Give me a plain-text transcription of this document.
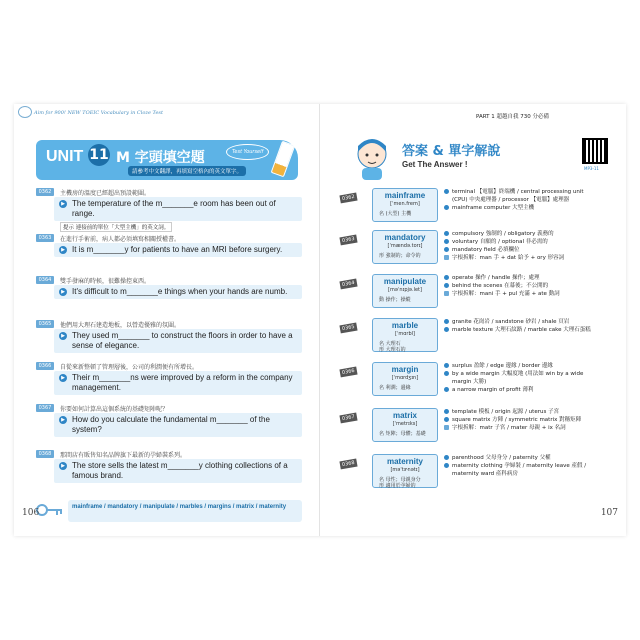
Aim for 900! NEW TOEIC Vocabulary in Cloze Test
UNIT 11 M 字頭填空題
請參考中文翻譯，再填寫空格內的英文單字。
Test Yourself
0362	主機房的溫度已經超出預設範圍。
▶ The temperature of the m_______e room has been out of range.
提示 連接前的單位「大型主機」的英文詞。
0363	在進行手術前，病人都必須填寫相關授權書。
▶ It is m_______y for patients to have an MRI before surgery.
0364	雙手發麻的時候，很難操控東西。
▶ It's difficult to m_______e things when your hands are numb.
0365	他們用大理石建造地板，以營造優雅的氛圍。
▶ They used m_______ to construct the floors in order to have a sense of elegance.
0366	自從來新整頓了管理層後，公司的利潤便有所增長。
▶ Their m_______ns were improved by a reform in the company management.
0367	你要如何計算出這個系統的基礎矩陣呢？
▶ How do you calculate the fundamental m_______ of the system?
0368	那間店有販售知名品牌旗下最新的孕婦裝系列。
▶ The store sells the latest m_______y clothing collections of a famous brand.
mainframe / mandatory / manipulate / marbles / margins / matrix / maternity
106
PART 1 超越自我 730 分必備
答案 & 單字解說
Get The Answer !	MP3-11
0362	mainframe
[ˈmen.frem]
名 (大型) 主機
terminal 【電腦】終端機 / central processing unit
(CPU) 中央處理器 / processor 【電腦】處理器
mainframe computer 大型主機
0363	mandatory
[ˈmændə.torɪ]
形 強制的；命令的
compulsory 強制的 / obligatory 義務的
voluntary 自願的 / optional 非必需的
mandatory field 必填欄位
字根拆解：man 手 + dat 給予 + ory 形容詞
0364	manipulate
[məˈnɪpjə.let]
動 操作；操縱
operate 操作 / handle 操作；處理
behind the scenes 在幕後；不公開的
字根拆解：mani 手 + pul 充滿 + ate 動詞
0365	marble
[ˈmɑrbl]
名 大理石
形 大理石的
granite 花崗岩 / sandstone 砂岩 / shale 頁岩
marble texture 大理石紋路 / marble cake 大理石蛋糕
0366	margin
[ˈmɑrdʒɪn]
名 利潤；邊緣
surplus 盈餘 / edge 邊緣 / border 邊緣
by a wide margin 大幅度地 (用法如 win by a wide
margin 大勝)
a narrow margin of profit 薄利
0367	matrix
[ˈmetrɪks]
名 矩陣；母體；基礎
template 模板 / origin 起源 / uterus 子宮
square matrix 方陣 / symmetric matrix 對稱矩陣
字根拆解：matr 子宮 / mater 母親 + ix 名詞
0368	maternity
[məˈtɝnətɪ]
名 母性；母親身分
形 適用於孕婦的
parenthood 父母身分 / paternity 父權
maternity clothing 孕婦裝 / maternity leave 產假 /
maternity ward 產科病房
107
